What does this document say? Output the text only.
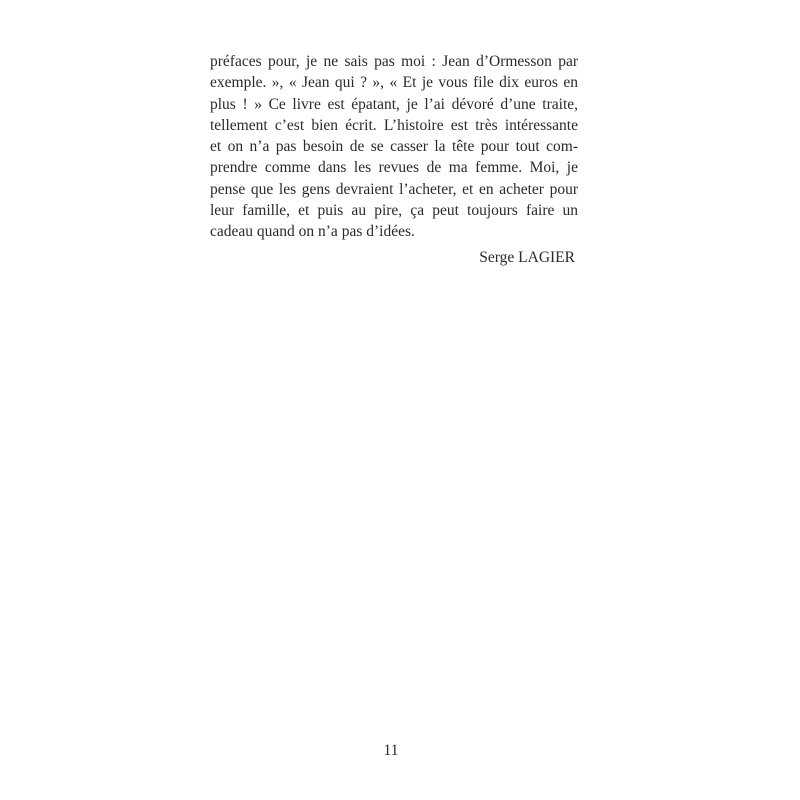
préfaces pour, je ne sais pas moi : Jean d’Ormesson par
exemple. », « Jean qui ? », « Et je vous file dix euros en
plus ! » Ce livre est épatant, je l’ai dévoré d’une traite,
tellement c’est bien écrit. L’histoire est très intéressante
et on n’a pas besoin de se casser la tête pour tout com-
prendre comme dans les revues de ma femme. Moi, je
pense que les gens devraient l’acheter, et en acheter pour
leur famille, et puis au pire, ça peut toujours faire un
cadeau quand on n’a pas d’idées.
Serge LAGIER
11
